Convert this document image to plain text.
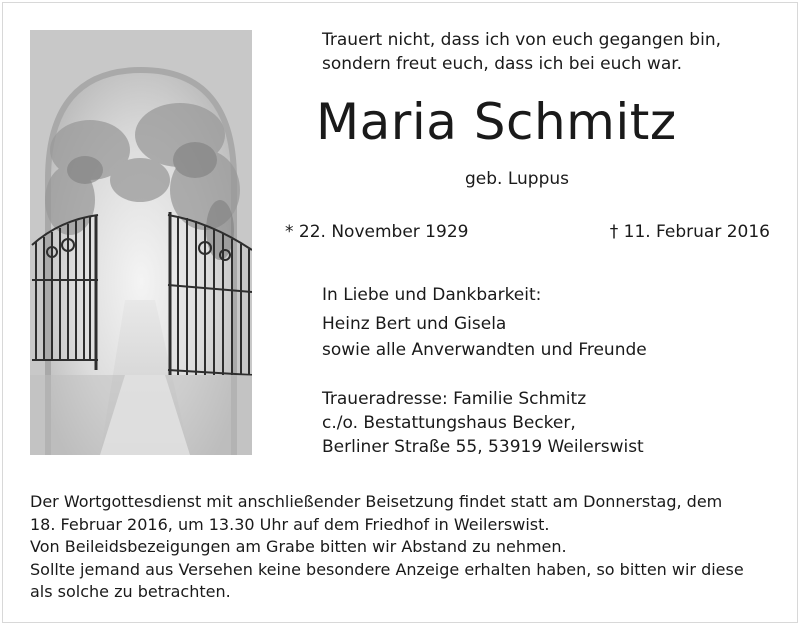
Trauert nicht, dass ich von euch gegangen bin,
sondern freut euch, dass ich bei euch war.
Maria Schmitz
geb. Luppus
* 22. November 1929	† 11. Februar 2016
In Liebe und Dankbarkeit:
Heinz Bert und Gisela
sowie alle Anverwandten und Freunde
Traueradresse: Familie Schmitz
c./o. Bestattungshaus Becker,
Berliner Straße 55, 53919 Weilerswist
Der Wortgottesdienst mit anschließender Beisetzung findet statt am Donnerstag, dem
18. Februar 2016, um 13.30 Uhr auf dem Friedhof in Weilerswist.
Von Beileidsbezeigungen am Grabe bitten wir Abstand zu nehmen.
Sollte jemand aus Versehen keine besondere Anzeige erhalten haben, so bitten wir diese
als solche zu betrachten.
